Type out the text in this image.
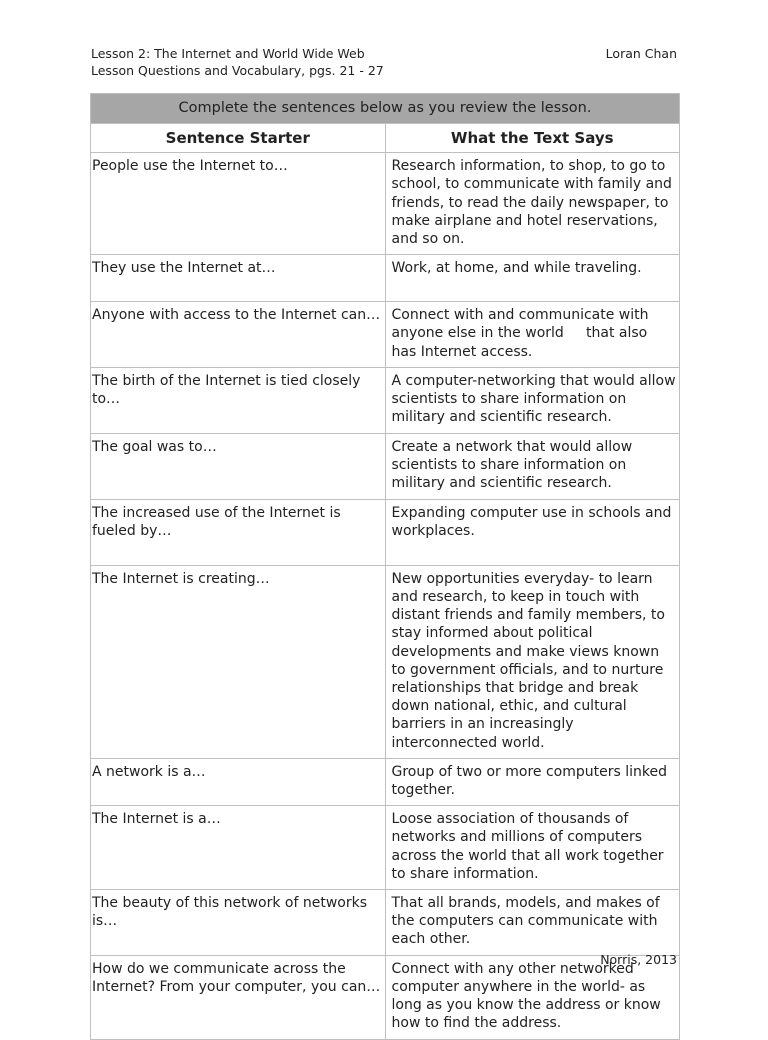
Lesson 2: The Internet and World Wide Web
Lesson Questions and Vocabulary, pgs. 21 - 27
Loran Chan
Complete the sentences below as you review the lesson.	
Sentence Starter	What the Text Says
People use the Internet to…	Research information, to shop, to go to school, to communicate with family and friends, to read the daily newspaper, to make airplane and hotel reservations, and so on.
They use the Internet at…	Work, at home, and while traveling.
Anyone with access to the Internet can…	Connect with and communicate with anyone else in the world     that also has Internet access.
The birth of the Internet is tied closely to…	A computer-networking that would allow scientists to share information on military and scientific research.
The goal was to…	Create a network that would allow scientists to share information on military and scientific research.
The increased use of the Internet is fueled by…	Expanding computer use in schools and workplaces.
The Internet is creating…	New opportunities everyday- to learn and research, to keep in touch with distant friends and family members, to stay informed about political developments and make views known to government officials, and to nurture relationships that bridge and break down national, ethic, and cultural barriers in an increasingly interconnected world.
A network is a…	Group of two or more computers linked together.
The Internet is a…	Loose association of thousands of networks and millions of computers across the world that all work together to share information.
The beauty of this network of networks is…	That all brands, models, and makes of the computers can communicate with each other.
How do we communicate across the Internet? From your computer, you can…	Connect with any other networked computer anywhere in the world- as long as you know the address or know how to find the address.
Norris, 2013
